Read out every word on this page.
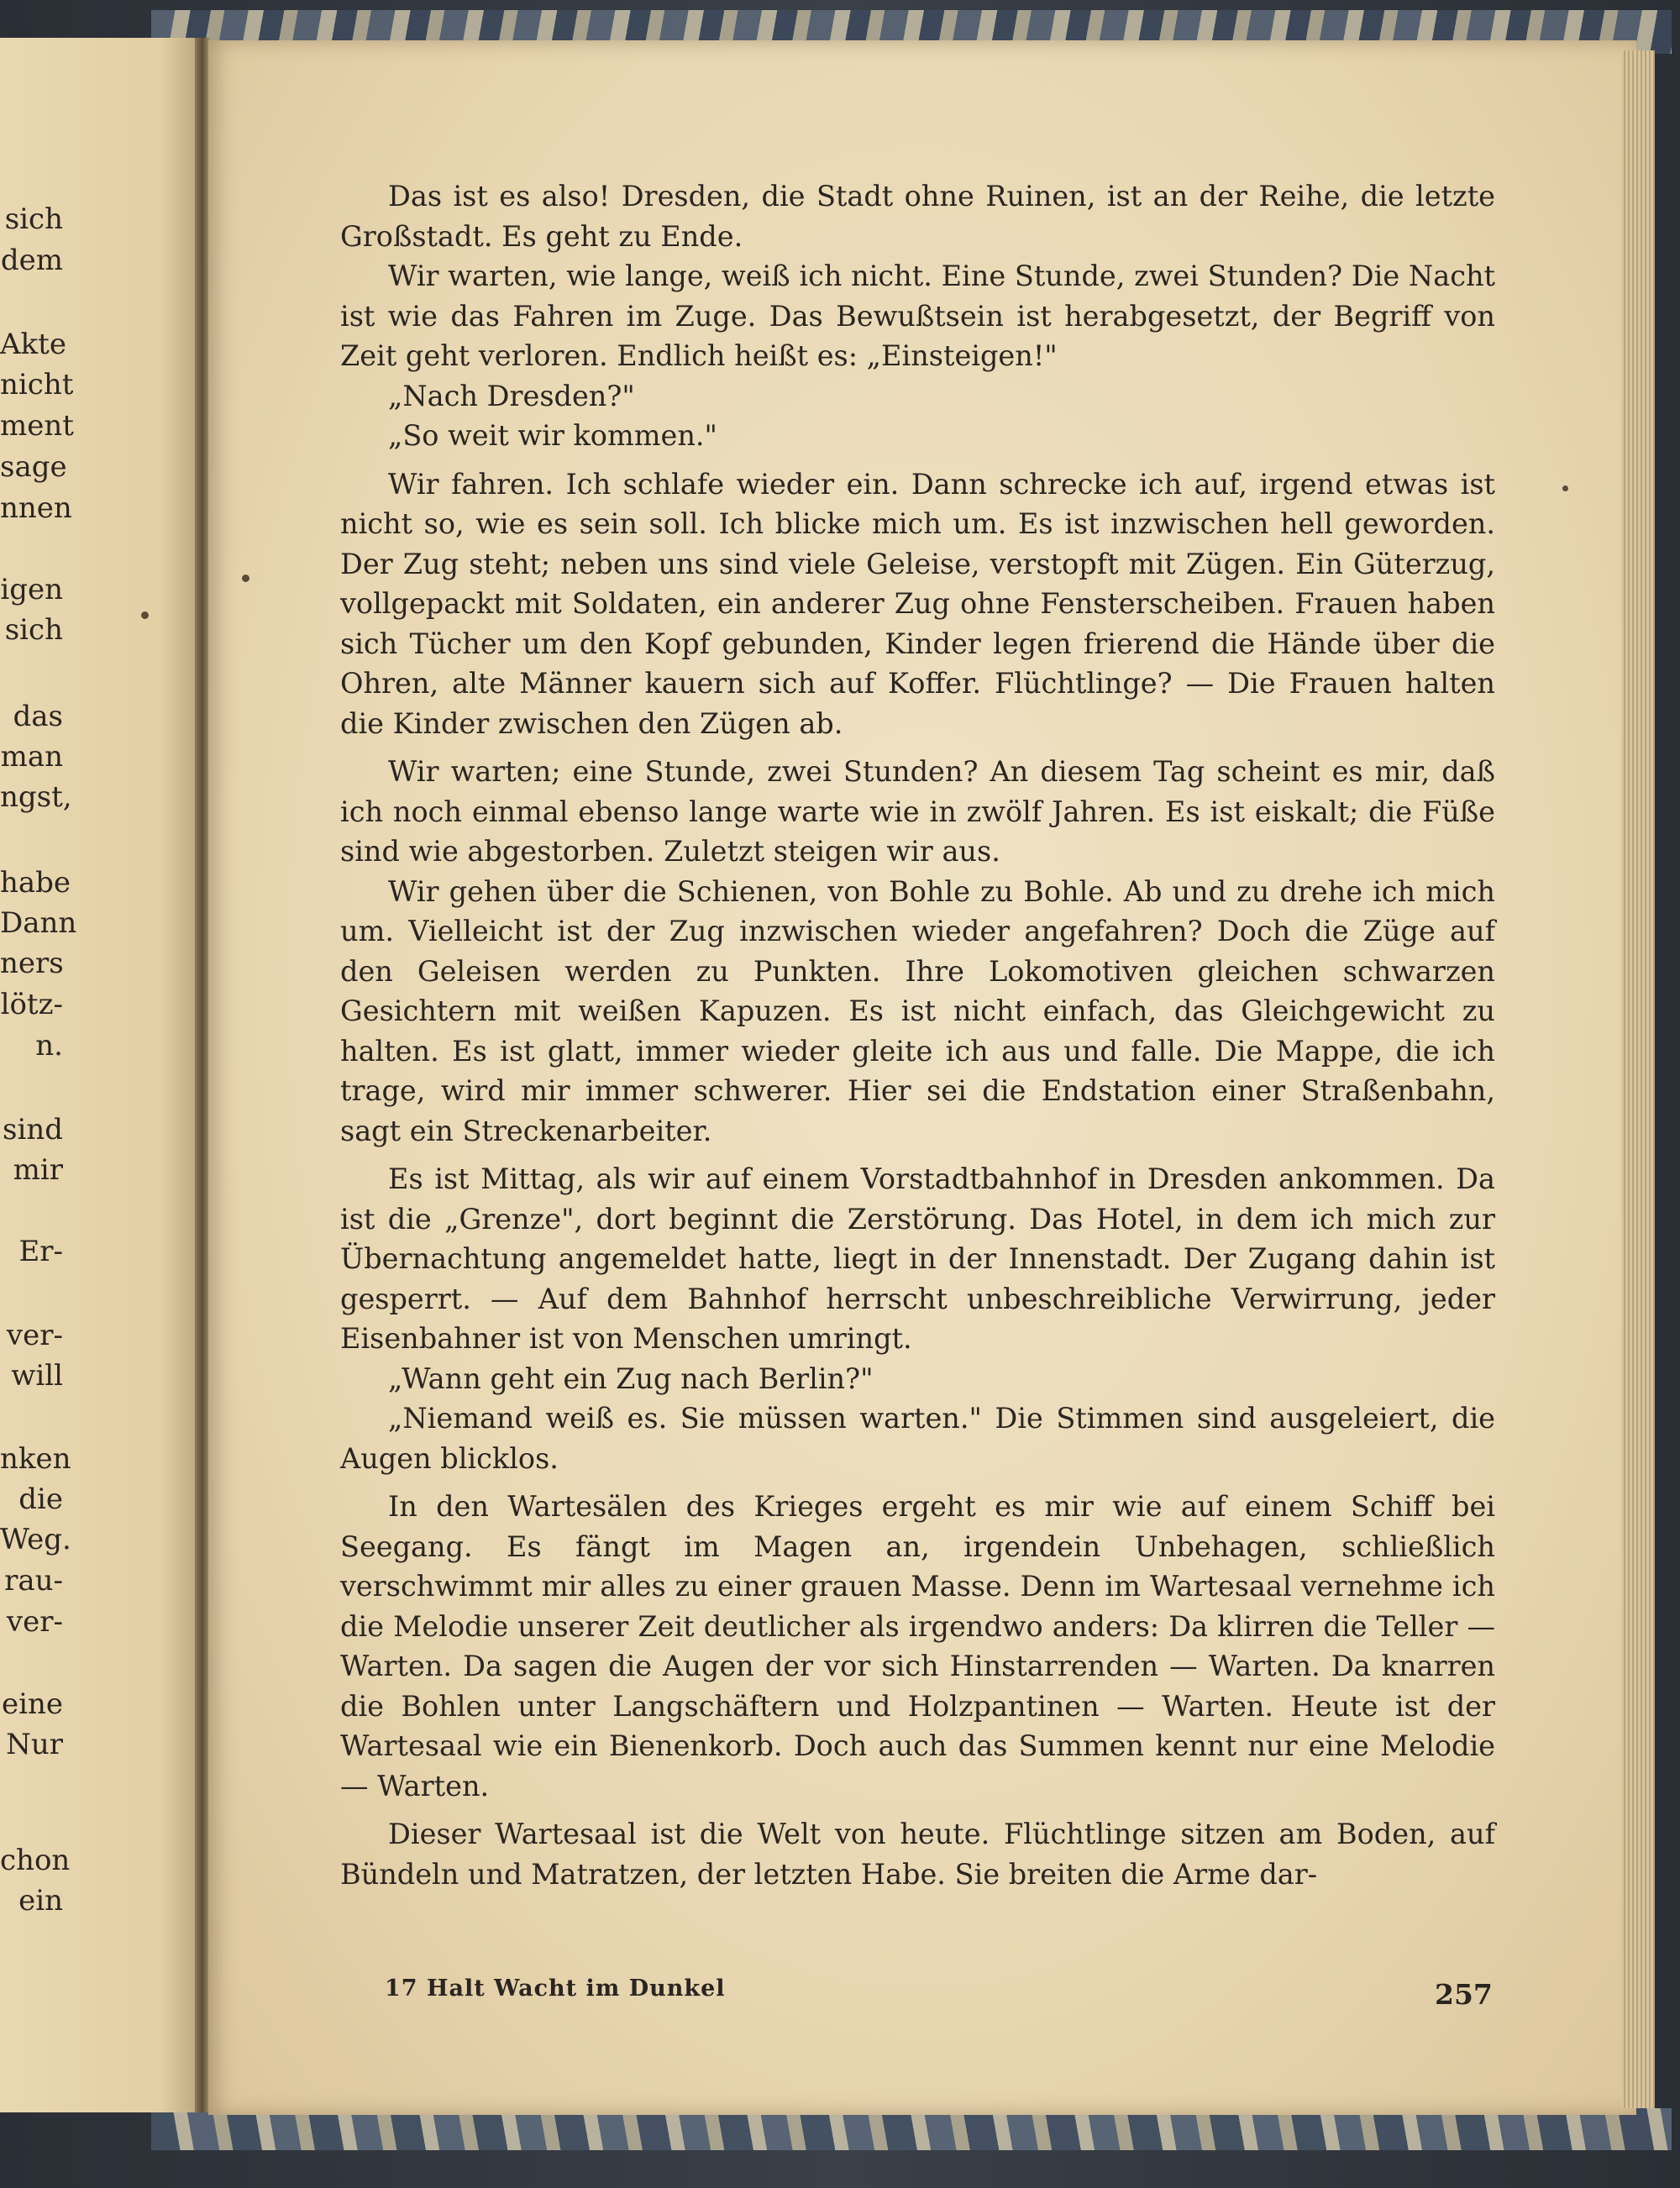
sich
dem
Akte
nicht
ment
sage
nnen
igen
sich
das
man
ngst,
habe
Dann
ners
lötz-
n.
sind
mir
Er-
ver-
will
nken
die
Weg.
rau-
ver-
eine
Nur
chon
ein

Das ist es also! Dresden, die Stadt ohne Ruinen, ist an der Reihe, die letzte Großstadt. Es geht zu Ende.

Wir warten, wie lange, weiß ich nicht. Eine Stunde, zwei Stunden? Die Nacht ist wie das Fahren im Zuge. Das Bewußtsein ist herabgesetzt, der Begriff von Zeit geht verloren. Endlich heißt es: „Einsteigen!"

„Nach Dresden?"

„So weit wir kommen."

Wir fahren. Ich schlafe wieder ein. Dann schrecke ich auf, irgend etwas ist nicht so, wie es sein soll. Ich blicke mich um. Es ist inzwischen hell geworden. Der Zug steht; neben uns sind viele Geleise, verstopft mit Zügen. Ein Güterzug, vollgepackt mit Soldaten, ein anderer Zug ohne Fensterscheiben. Frauen haben sich Tücher um den Kopf gebunden, Kinder legen frierend die Hände über die Ohren, alte Männer kauern sich auf Koffer. Flüchtlinge? — Die Frauen halten die Kinder zwischen den Zügen ab.

Wir warten; eine Stunde, zwei Stunden? An diesem Tag scheint es mir, daß ich noch einmal ebenso lange warte wie in zwölf Jahren. Es ist eiskalt; die Füße sind wie abgestorben. Zuletzt steigen wir aus.

Wir gehen über die Schienen, von Bohle zu Bohle. Ab und zu drehe ich mich um. Vielleicht ist der Zug inzwischen wieder angefahren? Doch die Züge auf den Geleisen werden zu Punkten. Ihre Lokomotiven gleichen schwarzen Gesichtern mit weißen Kapuzen. Es ist nicht einfach, das Gleichgewicht zu halten. Es ist glatt, immer wieder gleite ich aus und falle. Die Mappe, die ich trage, wird mir immer schwerer. Hier sei die Endstation einer Straßenbahn, sagt ein Streckenarbeiter.

Es ist Mittag, als wir auf einem Vorstadtbahnhof in Dresden ankommen. Da ist die „Grenze", dort beginnt die Zerstörung. Das Hotel, in dem ich mich zur Übernachtung angemeldet hatte, liegt in der Innenstadt. Der Zugang dahin ist gesperrt. — Auf dem Bahnhof herrscht unbeschreibliche Verwirrung, jeder Eisenbahner ist von Menschen umringt.

„Wann geht ein Zug nach Berlin?"

„Niemand weiß es. Sie müssen warten." Die Stimmen sind ausgeleiert, die Augen blicklos.

In den Wartesälen des Krieges ergeht es mir wie auf einem Schiff bei Seegang. Es fängt im Magen an, irgendein Unbehagen, schließlich verschwimmt mir alles zu einer grauen Masse. Denn im Wartesaal vernehme ich die Melodie unserer Zeit deutlicher als irgendwo anders: Da klirren die Teller — Warten. Da sagen die Augen der vor sich Hinstarrenden — Warten. Da knarren die Bohlen unter Langschäftern und Holzpantinen — Warten. Heute ist der Wartesaal wie ein Bienenkorb. Doch auch das Summen kennt nur eine Melodie — Warten.

Dieser Wartesaal ist die Welt von heute. Flüchtlinge sitzen am Boden, auf Bündeln und Matratzen, der letzten Habe. Sie breiten die Arme dar-

17 Halt Wacht im Dunkel	257
